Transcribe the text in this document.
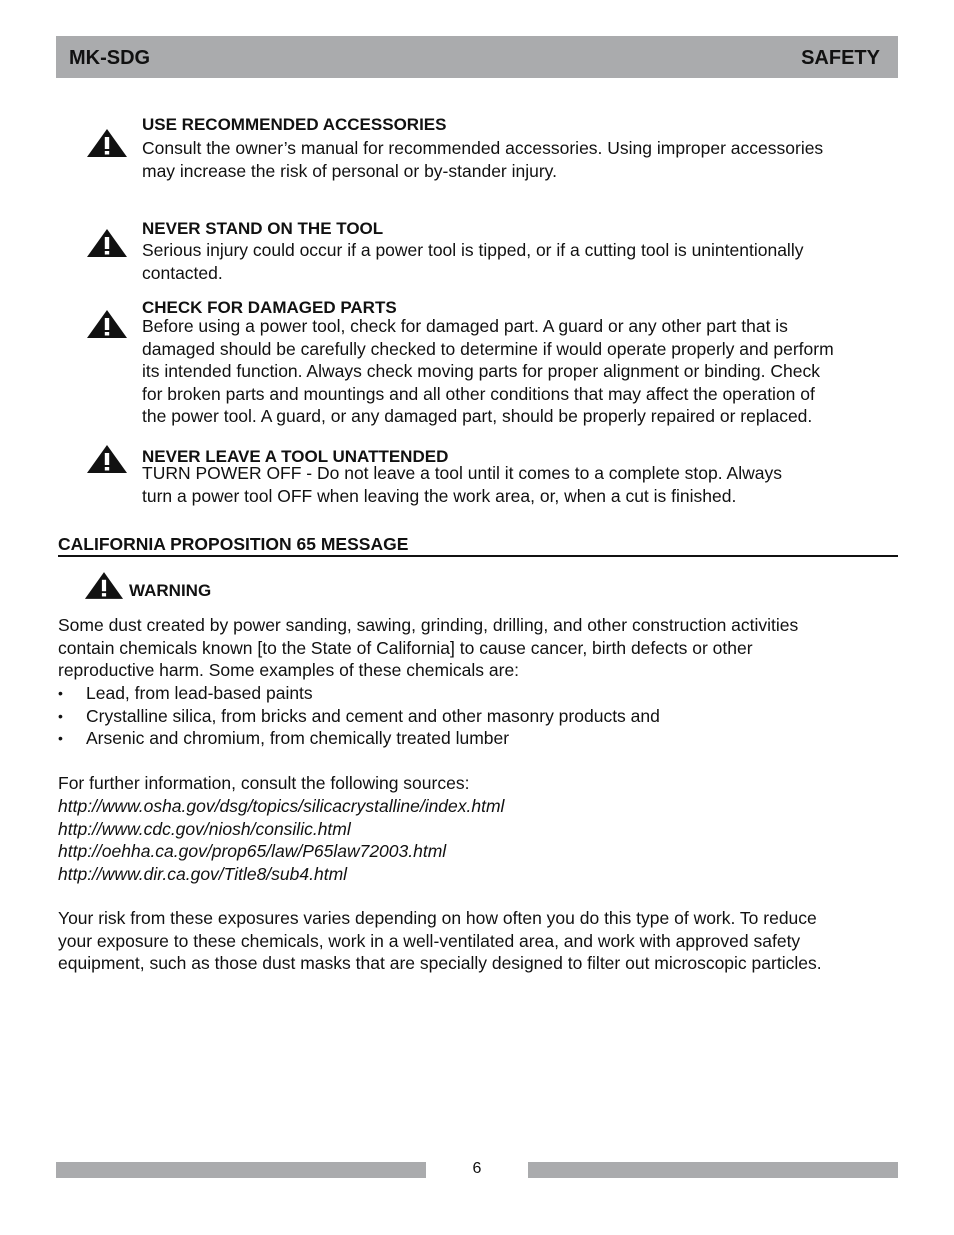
MK-SDG	SAFETY
USE RECOMMENDED ACCESSORIES
Consult the owner’s manual for recommended accessories. Using improper accessories
may increase the risk of personal or by-stander injury.
NEVER STAND ON THE TOOL
Serious injury could occur if a power tool is tipped, or if a cutting tool is unintentionally
contacted.
CHECK FOR DAMAGED PARTS
Before using a power tool, check for damaged part. A guard or any other part that is
damaged should be carefully checked to determine if would operate properly and perform
its intended function. Always check moving parts for proper alignment or binding. Check
for broken parts and mountings and all other conditions that may affect the operation of
the power tool. A guard, or any damaged part, should be properly repaired or replaced.
NEVER LEAVE A TOOL UNATTENDED
TURN POWER OFF - Do not leave a tool until it comes to a complete stop. Always
turn a power tool OFF when leaving the work area, or, when a cut is finished.
CALIFORNIA PROPOSITION 65 MESSAGE
WARNING
Some dust created by power sanding, sawing, grinding, drilling, and other construction activities
contain chemicals known [to the State of California] to cause cancer, birth defects or other
reproductive harm. Some examples of these chemicals are:
• Lead, from lead-based paints
• Crystalline silica, from bricks and cement and other masonry products and
• Arsenic and chromium, from chemically treated lumber
For further information, consult the following sources:
http://www.osha.gov/dsg/topics/silicacrystalline/index.html
http://www.cdc.gov/niosh/consilic.html
http://oehha.ca.gov/prop65/law/P65law72003.html
http://www.dir.ca.gov/Title8/sub4.html
Your risk from these exposures varies depending on how often you do this type of work. To reduce
your exposure to these chemicals, work in a well-ventilated area, and work with approved safety
equipment, such as those dust masks that are specially designed to filter out microscopic particles.
6
